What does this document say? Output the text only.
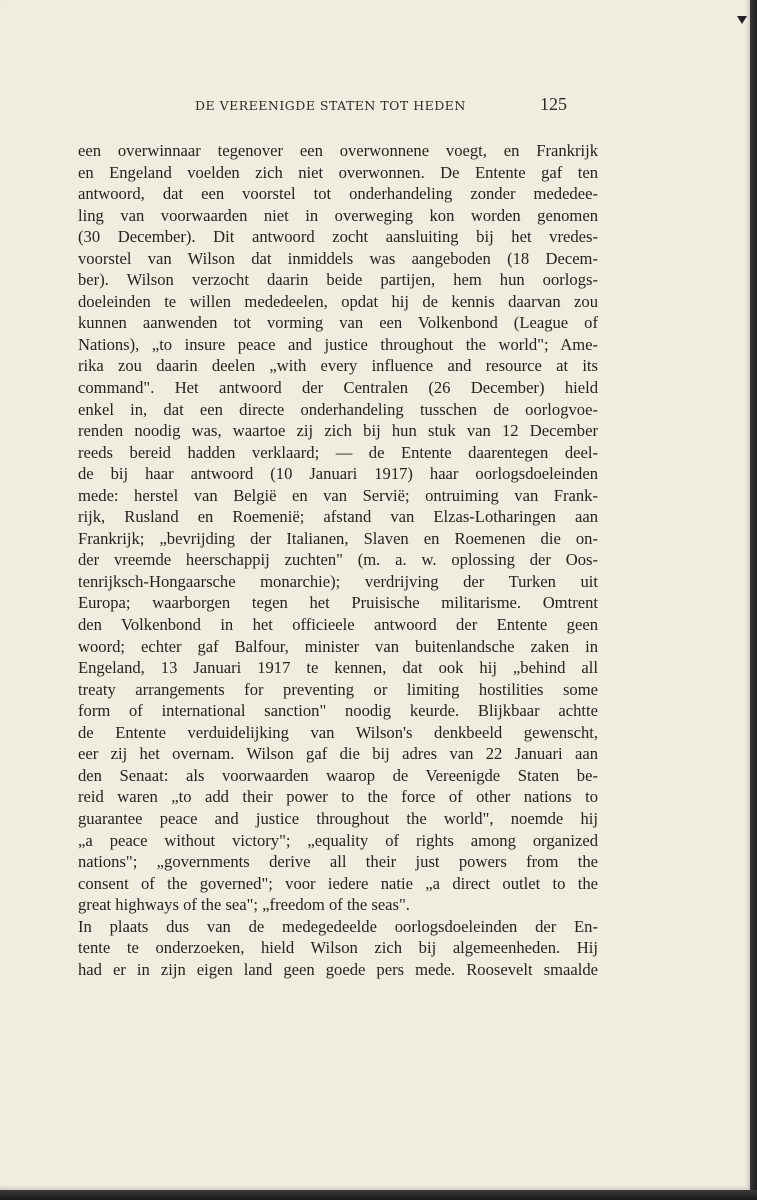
DE VEREENIGDE STATEN TOT HEDEN	125
een overwinnaar tegenover een overwonnene voegt, en Frankrijk
en Engeland voelden zich niet overwonnen. De Entente gaf ten
antwoord, dat een voorstel tot onderhandeling zonder mededee-
ling van voorwaarden niet in overweging kon worden genomen
(30 December). Dit antwoord zocht aansluiting bij het vredes-
voorstel van Wilson dat inmiddels was aangeboden (18 Decem-
ber). Wilson verzocht daarin beide partijen, hem hun oorlogs-
doeleinden te willen mededeelen, opdat hij de kennis daarvan zou
kunnen aanwenden tot vorming van een Volkenbond (League of
Nations), „to insure peace and justice throughout the world"; Ame-
rika zou daarin deelen „with every influence and resource at its
command". Het antwoord der Centralen (26 December) hield
enkel in, dat een directe onderhandeling tusschen de oorlogvoe-
renden noodig was, waartoe zij zich bij hun stuk van 12 December
reeds bereid hadden verklaard; — de Entente daarentegen deel-
de bij haar antwoord (10 Januari 1917) haar oorlogsdoeleinden
mede: herstel van België en van Servië; ontruiming van Frank-
rijk, Rusland en Roemenië; afstand van Elzas-Lotharingen aan
Frankrijk; „bevrijding der Italianen, Slaven en Roemenen die on-
der vreemde heerschappij zuchten" (m. a. w. oplossing der Oos-
tenrijksch-Hongaarsche monarchie); verdrijving der Turken uit
Europa; waarborgen tegen het Pruisische militarisme. Omtrent
den Volkenbond in het officieele antwoord der Entente geen
woord; echter gaf Balfour, minister van buitenlandsche zaken in
Engeland, 13 Januari 1917 te kennen, dat ook hij „behind all
treaty arrangements for preventing or limiting hostilities some
form of international sanction" noodig keurde. Blijkbaar achtte
de Entente verduidelijking van Wilson's denkbeeld gewenscht,
eer zij het overnam. Wilson gaf die bij adres van 22 Januari aan
den Senaat: als voorwaarden waarop de Vereenigde Staten be-
reid waren „to add their power to the force of other nations to
guarantee peace and justice throughout the world", noemde hij
„a peace without victory"; „equality of rights among organized
nations"; „governments derive all their just powers from the
consent of the governed"; voor iedere natie „a direct outlet to the
great highways of the sea"; „freedom of the seas".
In plaats dus van de medegedeelde oorlogsdoeleinden der En-
tente te onderzoeken, hield Wilson zich bij algemeenheden. Hij
had er in zijn eigen land geen goede pers mede. Roosevelt smaalde
